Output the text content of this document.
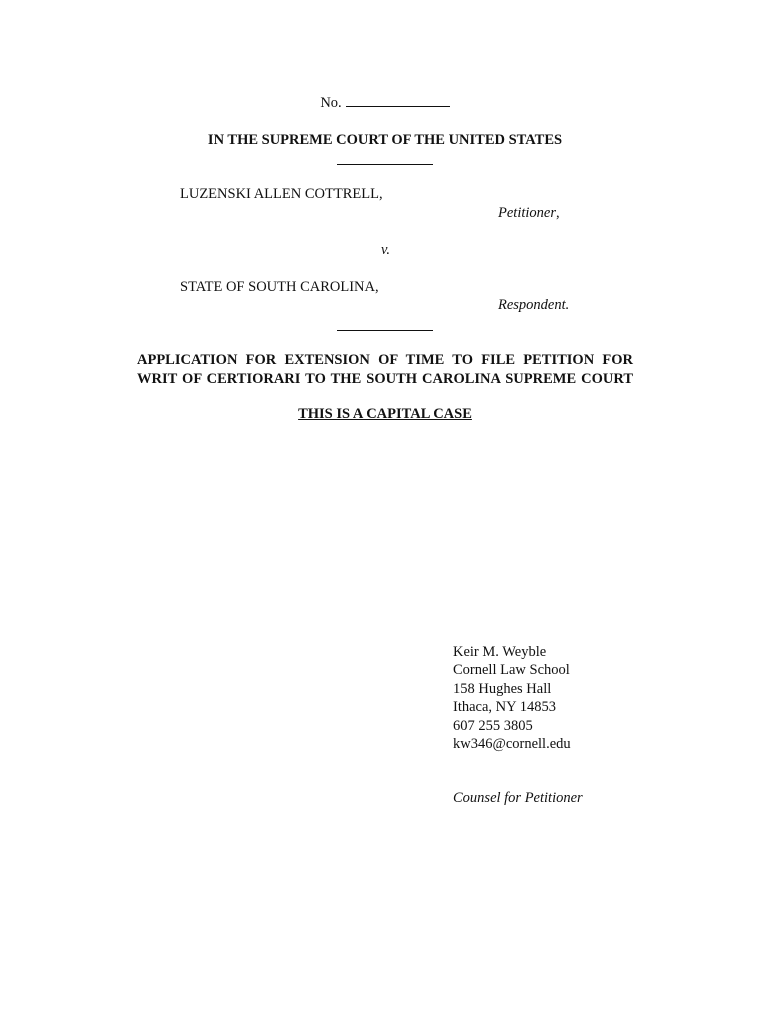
No.
IN THE SUPREME COURT OF THE UNITED STATES
LUZENSKI ALLEN COTTRELL,
Petitioner,
v.
STATE OF SOUTH CAROLINA,
Respondent.
APPLICATION FOR EXTENSION OF TIME TO FILE PETITION FOR
WRIT OF CERTIORARI TO THE SOUTH CAROLINA SUPREME COURT
THIS IS A CAPITAL CASE
Keir M. Weyble
Cornell Law School
158 Hughes Hall
Ithaca, NY 14853
607 255 3805
kw346@cornell.edu
Counsel for Petitioner
